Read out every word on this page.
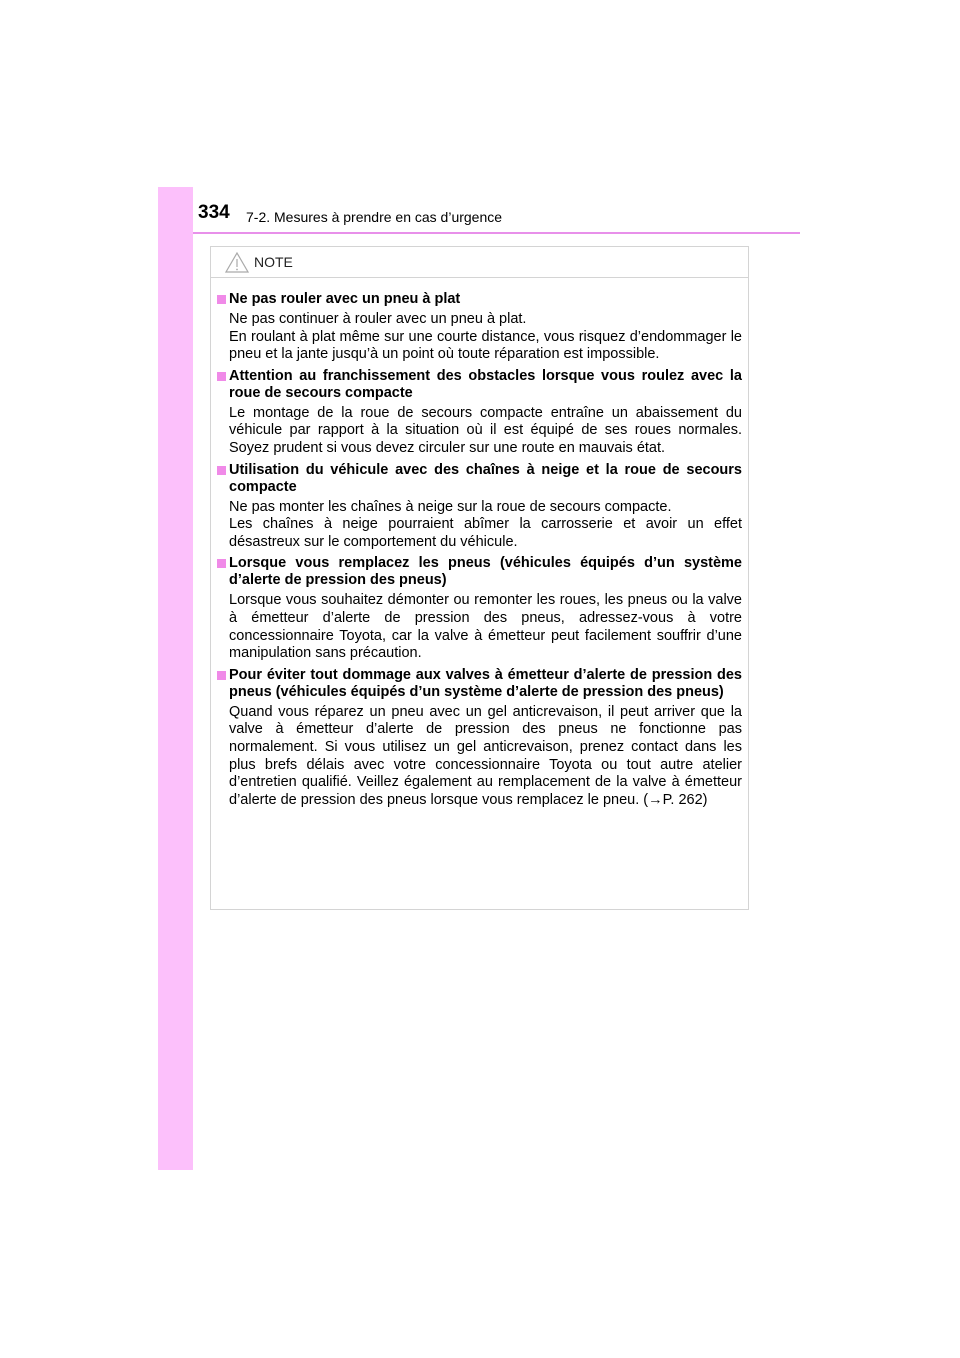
334 7-2. Mesures à prendre en cas d’urgence
NOTE
Ne pas rouler avec un pneu à plat
Ne pas continuer à rouler avec un pneu à plat.
En roulant à plat même sur une courte distance, vous risquez d’endommager le pneu et la jante jusqu’à un point où toute réparation est impossible.
Attention au franchissement des obstacles lorsque vous roulez avec la roue de secours compacte
Le montage de la roue de secours compacte entraîne un abaissement du véhicule par rapport à la situation où il est équipé de ses roues normales. Soyez prudent si vous devez circuler sur une route en mauvais état.
Utilisation du véhicule avec des chaînes à neige et la roue de secours compacte
Ne pas monter les chaînes à neige sur la roue de secours compacte.
Les chaînes à neige pourraient abîmer la carrosserie et avoir un effet désastreux sur le comportement du véhicule.
Lorsque vous remplacez les pneus (véhicules équipés d’un système d’alerte de pression des pneus)
Lorsque vous souhaitez démonter ou remonter les roues, les pneus ou la valve à émetteur d’alerte de pression des pneus, adressez-vous à votre concessionnaire Toyota, car la valve à émetteur peut facilement souffrir d’une manipulation sans précaution.
Pour éviter tout dommage aux valves à émetteur d’alerte de pression des pneus (véhicules équipés d’un système d’alerte de pression des pneus)
Quand vous réparez un pneu avec un gel anticrevaison, il peut arriver que la valve à émetteur d’alerte de pression des pneus ne fonctionne pas normalement. Si vous utilisez un gel anticrevaison, prenez contact dans les plus brefs délais avec votre concessionnaire Toyota ou tout autre atelier d’entretien qualifié. Veillez également au remplacement de la valve à émetteur d’alerte de pression des pneus lorsque vous remplacez le pneu. (→P. 262)
